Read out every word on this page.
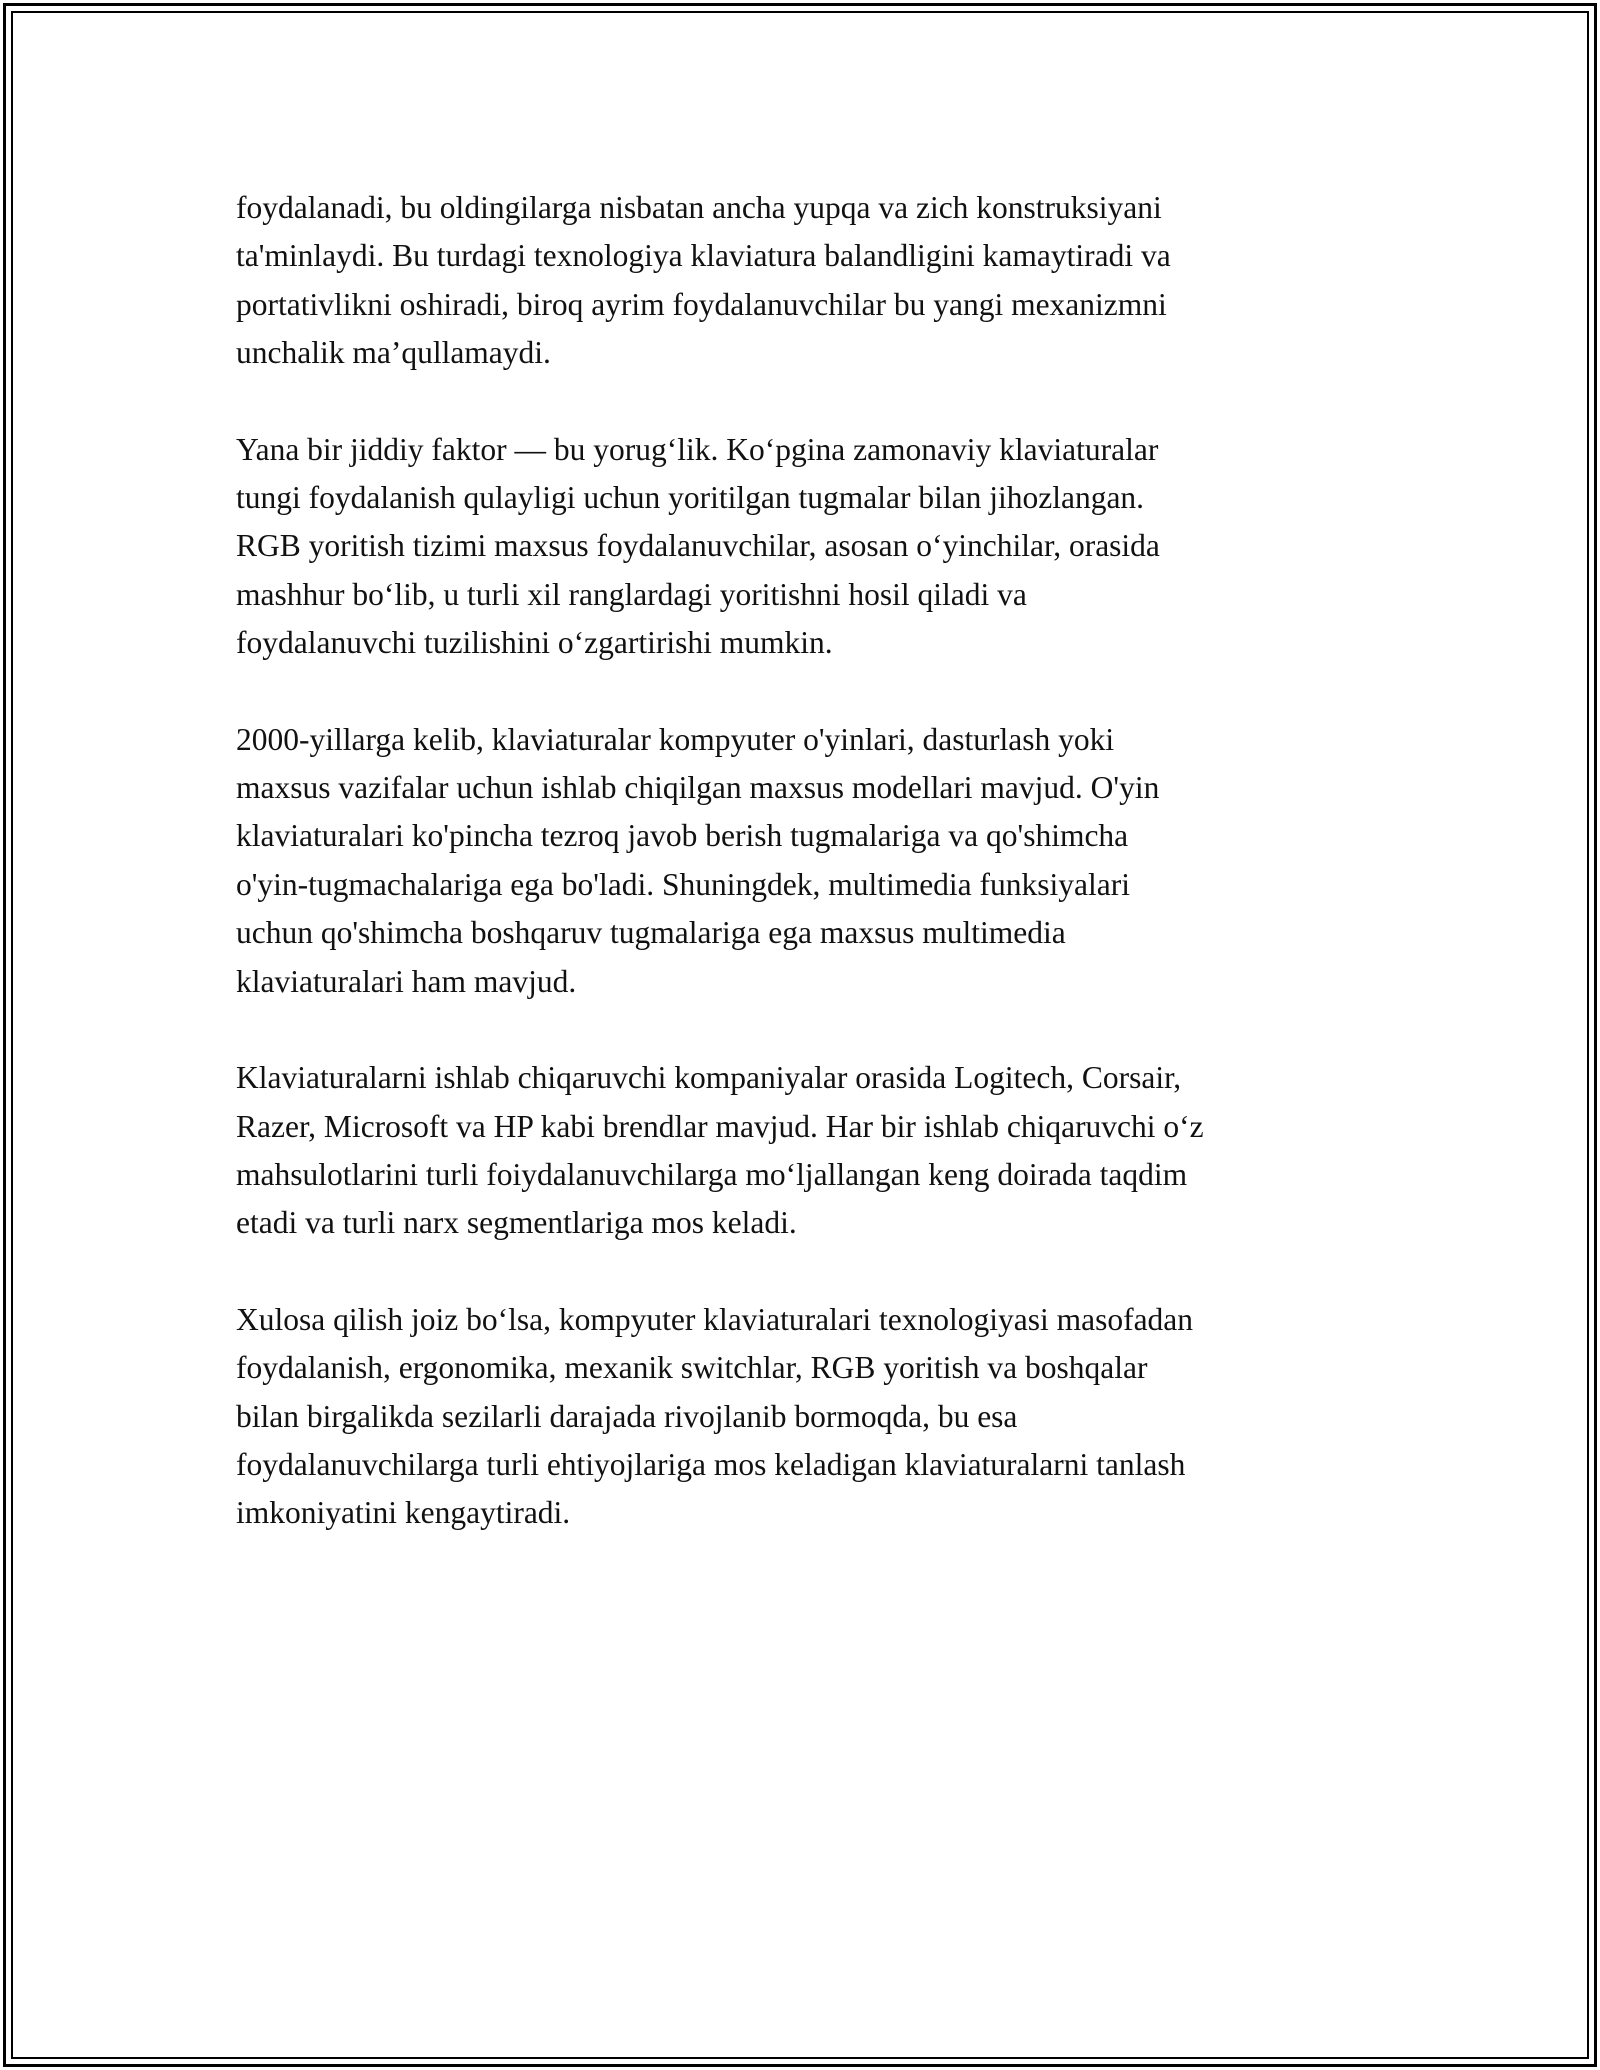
foydalanadi, bu oldingilarga nisbatan ancha yupqa va zich konstruksiyani
ta'minlaydi. Bu turdagi texnologiya klaviatura balandligini kamaytiradi va
portativlikni oshiradi, biroq ayrim foydalanuvchilar bu yangi mexanizmni
unchalik ma’qullamaydi.

Yana bir jiddiy faktor — bu yorug‘lik. Ko‘pgina zamonaviy klaviaturalar
tungi foydalanish qulayligi uchun yoritilgan tugmalar bilan jihozlangan.
RGB yoritish tizimi maxsus foydalanuvchilar, asosan o‘yinchilar, orasida
mashhur bo‘lib, u turli xil ranglardagi yoritishni hosil qiladi va
foydalanuvchi tuzilishini o‘zgartirishi mumkin.

2000-yillarga kelib, klaviaturalar kompyuter o'yinlari, dasturlash yoki
maxsus vazifalar uchun ishlab chiqilgan maxsus modellari mavjud. O'yin
klaviaturalari ko'pincha tezroq javob berish tugmalariga va qo'shimcha
o'yin-tugmachalariga ega bo'ladi. Shuningdek, multimedia funksiyalari
uchun qo'shimcha boshqaruv tugmalariga ega maxsus multimedia
klaviaturalari ham mavjud.

Klaviaturalarni ishlab chiqaruvchi kompaniyalar orasida Logitech, Corsair,
Razer, Microsoft va HP kabi brendlar mavjud. Har bir ishlab chiqaruvchi o‘z
mahsulotlarini turli foiydalanuvchilarga mo‘ljallangan keng doirada taqdim
etadi va turli narx segmentlariga mos keladi.

Xulosa qilish joiz bo‘lsa, kompyuter klaviaturalari texnologiyasi masofadan
foydalanish, ergonomika, mexanik switchlar, RGB yoritish va boshqalar
bilan birgalikda sezilarli darajada rivojlanib bormoqda, bu esa
foydalanuvchilarga turli ehtiyojlariga mos keladigan klaviaturalarni tanlash
imkoniyatini kengaytiradi.
